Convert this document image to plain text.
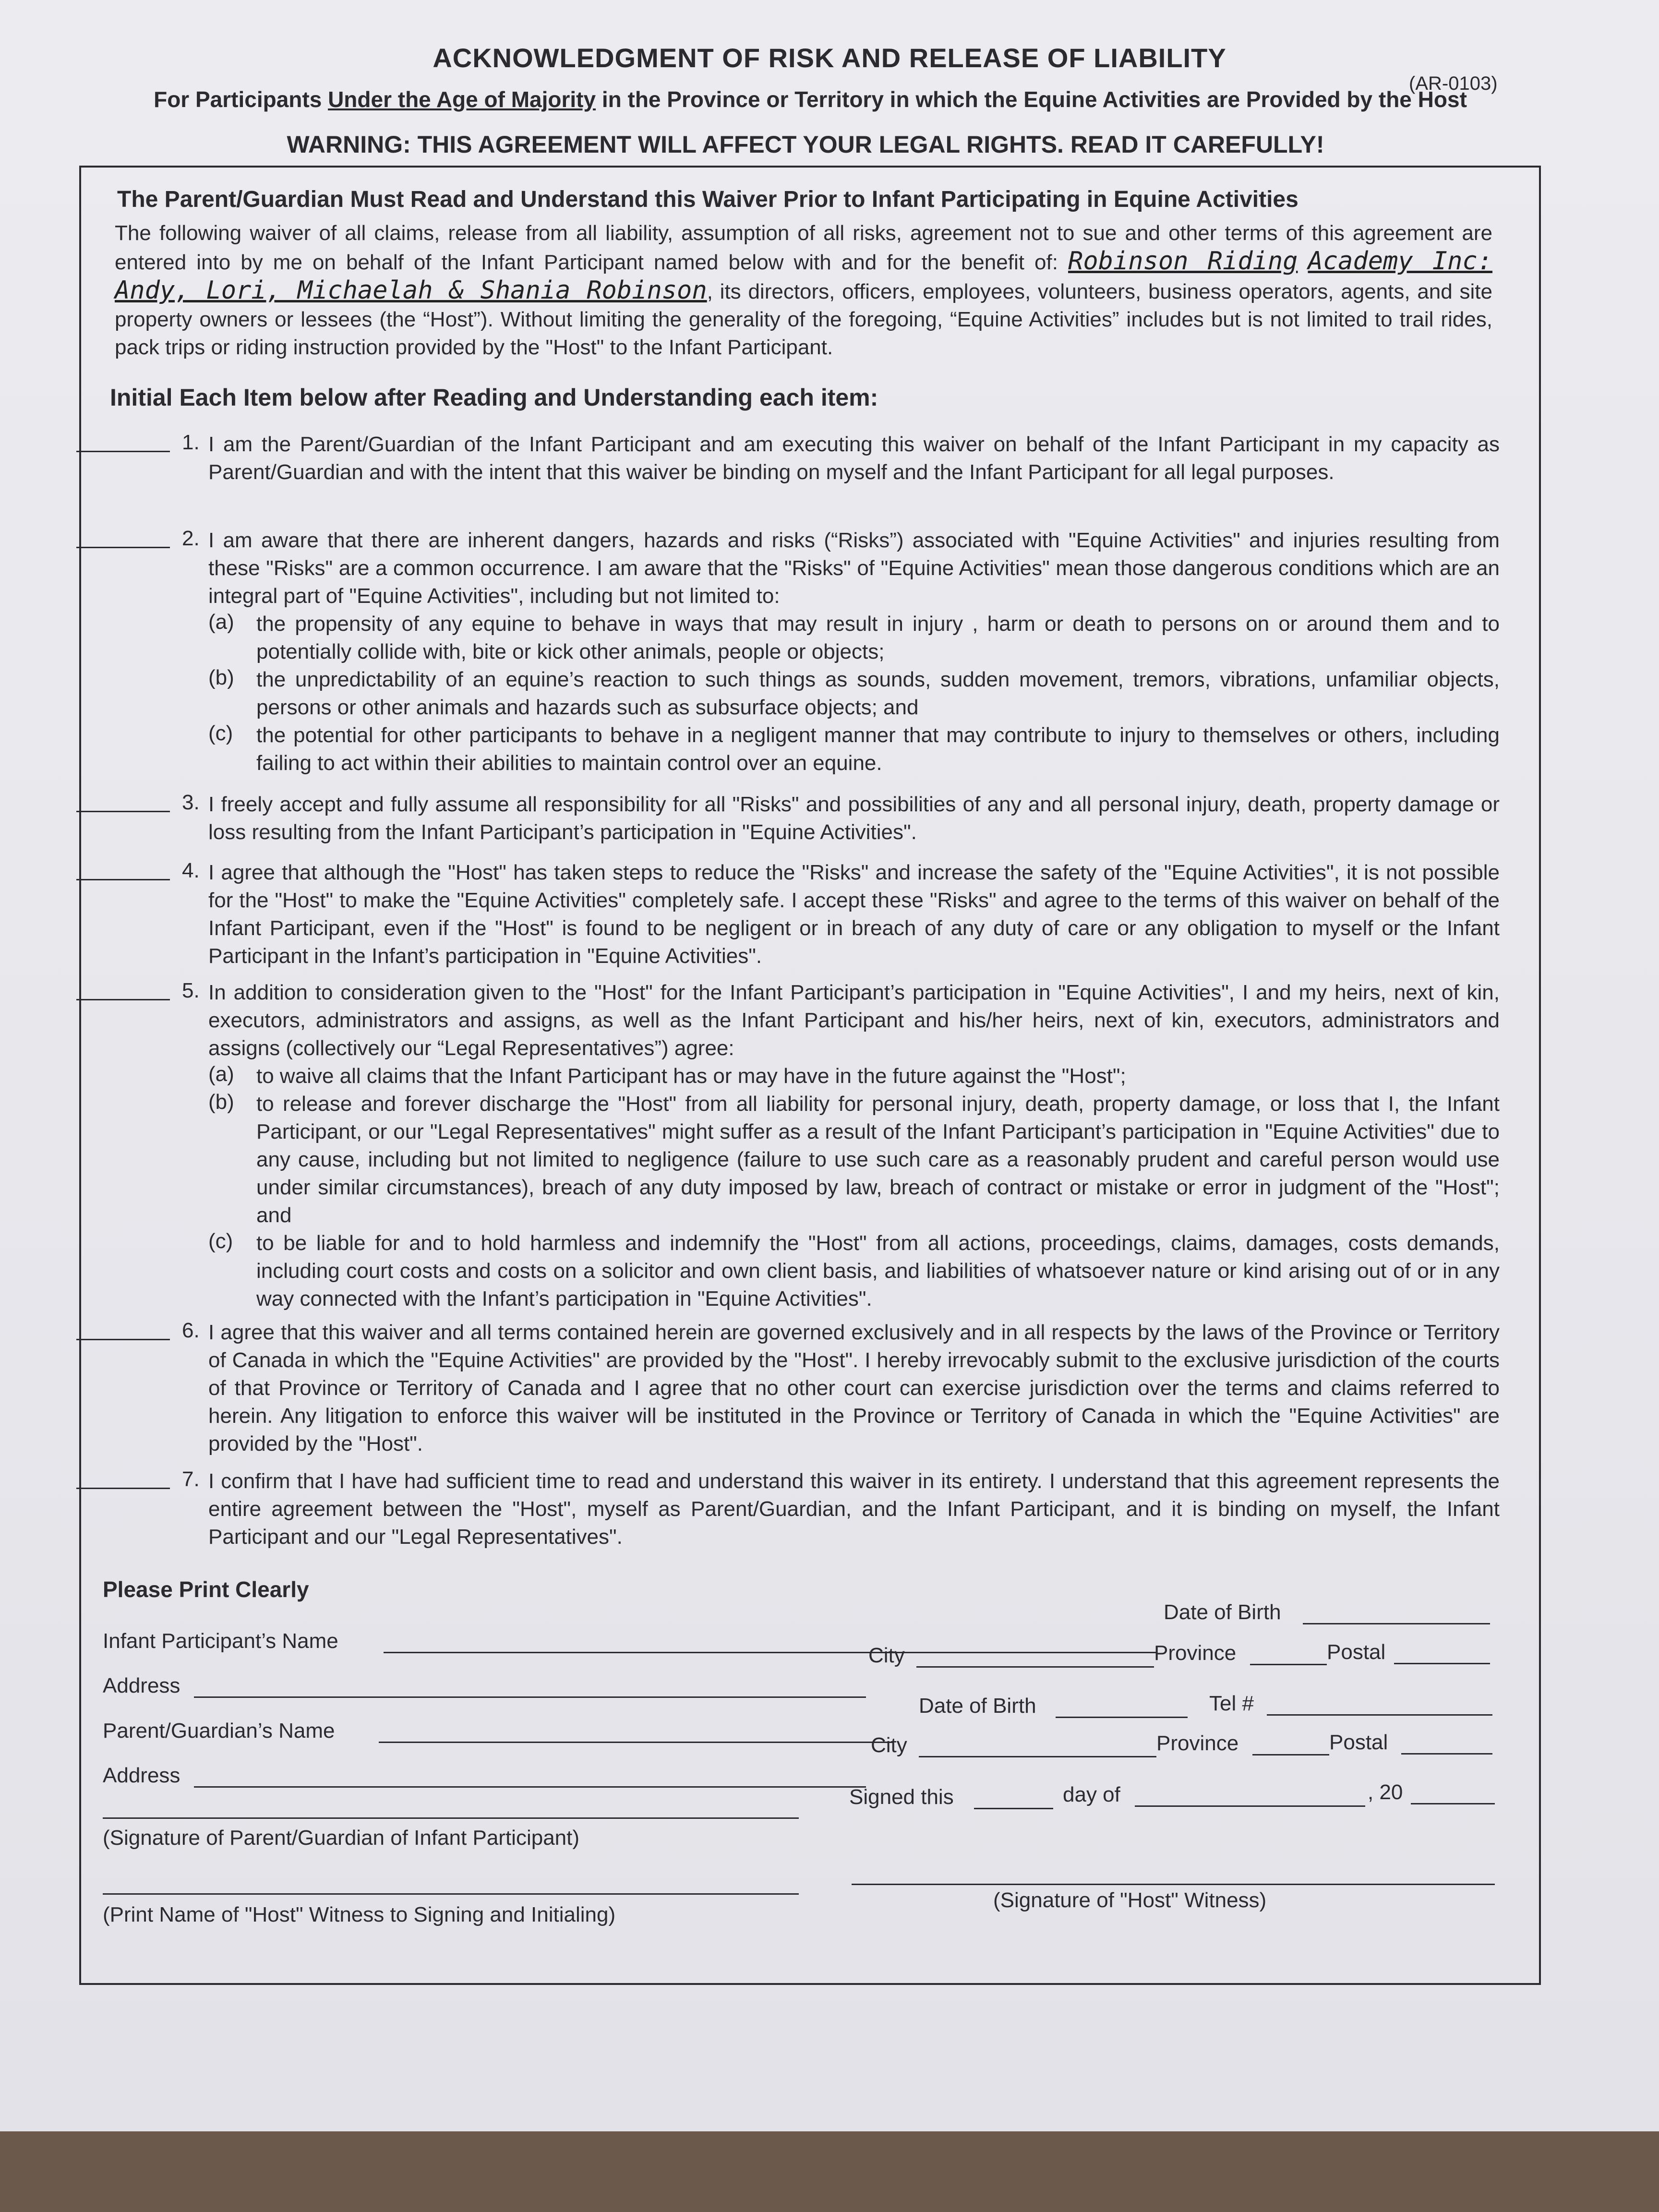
ACKNOWLEDGMENT OF RISK AND RELEASE OF LIABILITY
(AR-0103)
For Participants Under the Age of Majority in the Province or Territory in which the Equine Activities are Provided by the Host
WARNING: THIS AGREEMENT WILL AFFECT YOUR LEGAL RIGHTS. READ IT CAREFULLY!
The Parent/Guardian Must Read and Understand this Waiver Prior to Infant Participating in Equine Activities
The following waiver of all claims, release from all liability, assumption of all risks, agreement not to sue and other terms of this agreement are entered into by me on behalf of the Infant Participant named below with and for the benefit of: Robinson Riding Academy Inc: Andy, Lori, Michaelah & Shania Robinson, its directors, officers, employees, volunteers, business operators, agents, and site property owners or lessees (the “Host”). Without limiting the generality of the foregoing, “Equine Activities” includes but is not limited to trail rides, pack trips or riding instruction provided by the "Host" to the Infant Participant.
Initial Each Item below after Reading and Understanding each item:
1. I am the Parent/Guardian of the Infant Participant and am executing this waiver on behalf of the Infant Participant in my capacity as Parent/Guardian and with the intent that this waiver be binding on myself and the Infant Participant for all legal purposes.
2. I am aware that there are inherent dangers, hazards and risks (“Risks”) associated with "Equine Activities" and injuries resulting from these "Risks" are a common occurrence. I am aware that the "Risks" of "Equine Activities" mean those dangerous conditions which are an integral part of "Equine Activities", including but not limited to:
(a) the propensity of any equine to behave in ways that may result in injury , harm or death to persons on or around them and to potentially collide with, bite or kick other animals, people or objects;
(b) the unpredictability of an equine’s reaction to such things as sounds, sudden movement, tremors, vibrations, unfamiliar objects, persons or other animals and hazards such as subsurface objects; and
(c) the potential for other participants to behave in a negligent manner that may contribute to injury to themselves or others, including failing to act within their abilities to maintain control over an equine.
3. I freely accept and fully assume all responsibility for all "Risks" and possibilities of any and all personal injury, death, property damage or loss resulting from the Infant Participant’s participation in "Equine Activities".
4. I agree that although the "Host" has taken steps to reduce the "Risks" and increase the safety of the "Equine Activities", it is not possible for the "Host" to make the "Equine Activities" completely safe. I accept these "Risks" and agree to the terms of this waiver on behalf of the Infant Participant, even if the "Host" is found to be negligent or in breach of any duty of care or any obligation to myself or the Infant Participant in the Infant’s participation in "Equine Activities".
5. In addition to consideration given to the "Host" for the Infant Participant’s participation in "Equine Activities", I and my heirs, next of kin, executors, administrators and assigns, as well as the Infant Participant and his/her heirs, next of kin, executors, administrators and assigns (collectively our “Legal Representatives”) agree:
(a) to waive all claims that the Infant Participant has or may have in the future against the "Host";
(b) to release and forever discharge the "Host" from all liability for personal injury, death, property damage, or loss that I, the Infant Participant, or our "Legal Representatives" might suffer as a result of the Infant Participant’s participation in "Equine Activities" due to any cause, including but not limited to negligence (failure to use such care as a reasonably prudent and careful person would use under similar circumstances), breach of any duty imposed by law, breach of contract or mistake or error in judgment of the "Host"; and
(c) to be liable for and to hold harmless and indemnify the "Host" from all actions, proceedings, claims, damages, costs demands, including court costs and costs on a solicitor and own client basis, and liabilities of whatsoever nature or kind arising out of or in any way connected with the Infant’s participation in "Equine Activities".
6. I agree that this waiver and all terms contained herein are governed exclusively and in all respects by the laws of the Province or Territory of Canada in which the "Equine Activities" are provided by the "Host". I hereby irrevocably submit to the exclusive jurisdiction of the courts of that Province or Territory of Canada and I agree that no other court can exercise jurisdiction over the terms and claims referred to herein. Any litigation to enforce this waiver will be instituted in the Province or Territory of Canada in which the "Equine Activities" are provided by the "Host".
7. I confirm that I have had sufficient time to read and understand this waiver in its entirety. I understand that this agreement represents the entire agreement between the "Host", myself as Parent/Guardian, and the Infant Participant, and it is binding on myself, the Infant Participant and our "Legal Representatives".
Please Print Clearly
Date of Birth
Infant Participant’s Name
City	Province	Postal
Address
Date of Birth	Tel #
Parent/Guardian’s Name
City	Province	Postal
Address
Signed this	day of	, 20
(Signature of Parent/Guardian of Infant Participant)
(Print Name of "Host" Witness to Signing and Initialing)
(Signature of "Host" Witness)
